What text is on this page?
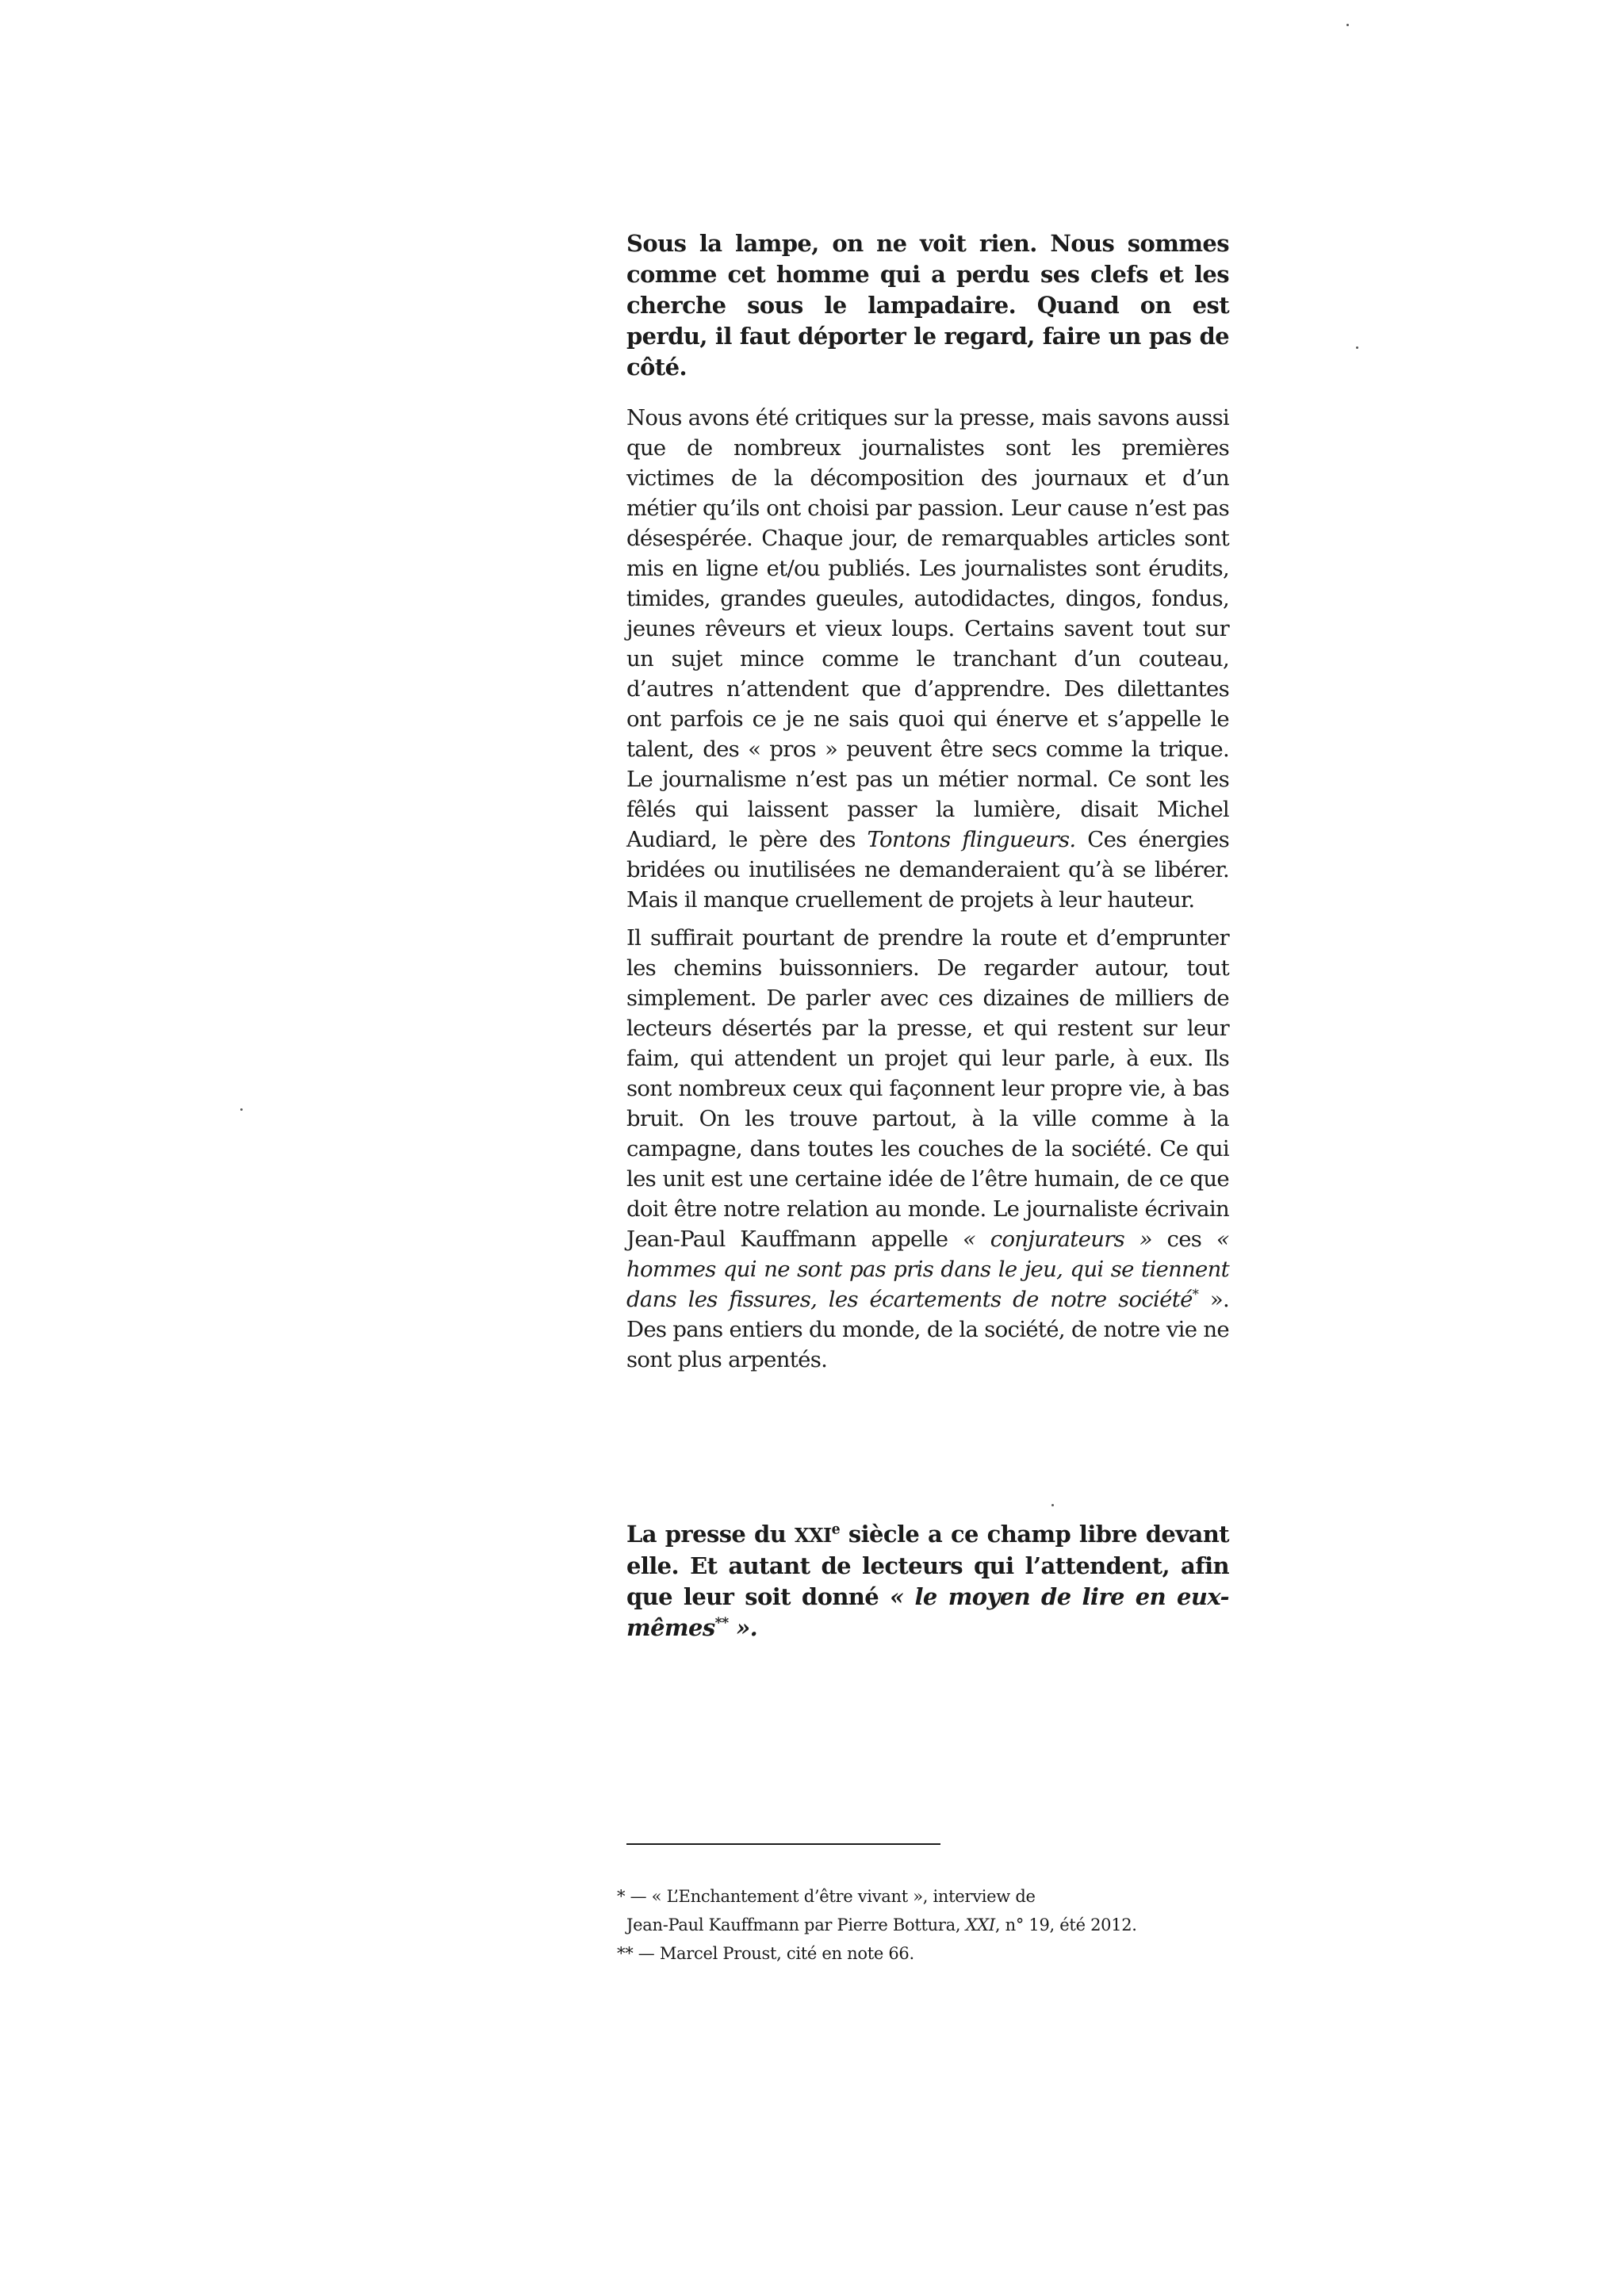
Sous la lampe, on ne voit rien. Nous sommes comme cet homme qui a perdu ses clefs et les cherche sous le lampadaire. Quand on est perdu, il faut déporter le regard, faire un pas de côté.

Nous avons été critiques sur la presse, mais savons aussi que de nombreux journalistes sont les premières victimes de la décomposition des journaux et d’un métier qu’ils ont choisi par passion. Leur cause n’est pas désespérée. Chaque jour, de remarquables articles sont mis en ligne et/ou publiés. Les journalistes sont érudits, timides, grandes gueules, autodidactes, dingos, fondus, jeunes rêveurs et vieux loups. Certains savent tout sur un sujet mince comme le tranchant d’un couteau, d’autres n’attendent que d’apprendre. Des dilettantes ont parfois ce je ne sais quoi qui énerve et s’appelle le talent, des « pros » peuvent être secs comme la trique. Le journalisme n’est pas un métier normal. Ce sont les fêlés qui laissent passer la lumière, disait Michel Audiard, le père des Tontons flingueurs. Ces énergies bridées ou inutilisées ne demanderaient qu’à se libérer. Mais il manque cruellement de projets à leur hauteur.

Il suffirait pourtant de prendre la route et d’emprunter les chemins buissonniers. De regarder autour, tout simplement. De parler avec ces dizaines de milliers de lecteurs désertés par la presse, et qui restent sur leur faim, qui attendent un projet qui leur parle, à eux. Ils sont nombreux ceux qui façonnent leur propre vie, à bas bruit. On les trouve partout, à la ville comme à la campagne, dans toutes les couches de la société. Ce qui les unit est une certaine idée de l’être humain, de ce que doit être notre relation au monde. Le journaliste écrivain Jean-Paul Kauffmann appelle « conjurateurs » ces « hommes qui ne sont pas pris dans le jeu, qui se tiennent dans les fissures, les écartements de notre société* ». Des pans entiers du monde, de la société, de notre vie ne sont plus arpentés.

La presse du XXIe siècle a ce champ libre devant elle. Et autant de lecteurs qui l’attendent, afin que leur soit donné « le moyen de lire en eux-mêmes** ».

* — « L’Enchantement d’être vivant », interview de

Jean-Paul Kauffmann par Pierre Bottura, XXI, n° 19, été 2012.

** — Marcel Proust, cité en note 66.
